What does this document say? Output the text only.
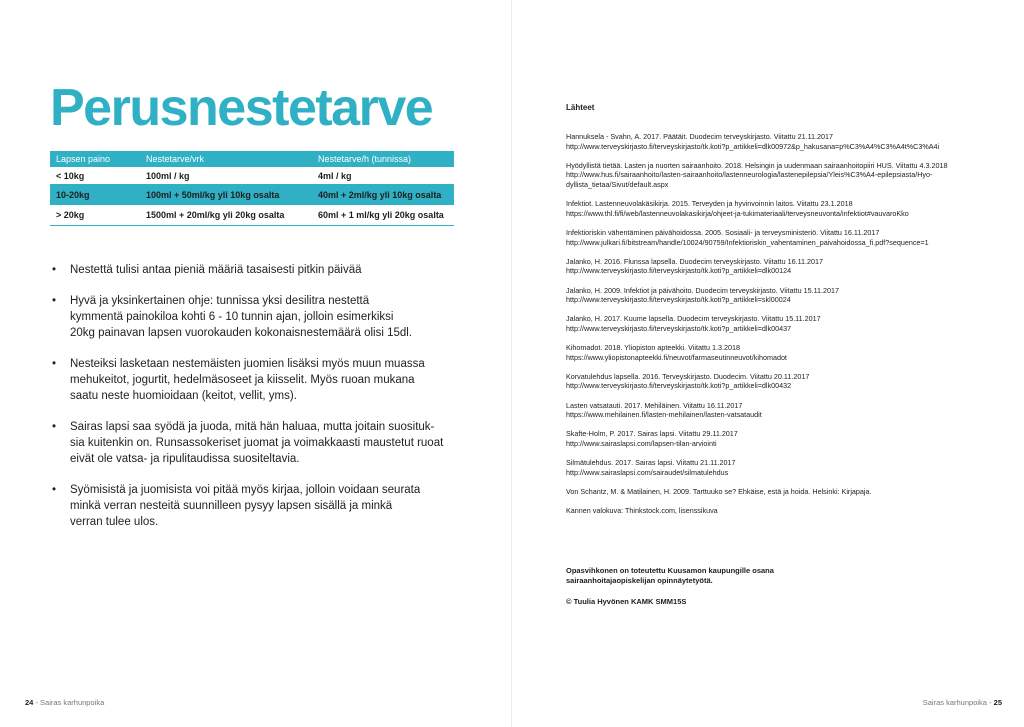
Perusnestetarve
Lapsen paino	Nestetarve/vrk	Nestetarve/h (tunnissa)
< 10kg	100ml / kg	4ml / kg
10-20kg	100ml + 50ml/kg yli 10kg osalta	40ml + 2ml/kg yli 10kg osalta
> 20kg	1500ml + 20ml/kg yli 20kg osalta	60ml + 1 ml/kg yli 20kg osalta
• Nestettä tulisi antaa pieniä määriä tasaisesti pitkin päivää
• Hyvä ja yksinkertainen ohje: tunnissa yksi desilitra nestettä
kymmentä painokiloa kohti 6 - 10 tunnin ajan, jolloin esimerkiksi
20kg painavan lapsen vuorokauden kokonaisnestemäärä olisi 15dl.
• Nesteiksi lasketaan nestemäisten juomien lisäksi myös muun muassa
mehukeitot, jogurtit, hedelmäsoseet ja kiisselit. Myös ruoan mukana
saatu neste huomioidaan (keitot, vellit, yms).
• Sairas lapsi saa syödä ja juoda, mitä hän haluaa, mutta joitain suosituk-
sia kuitenkin on. Runsassokeriset juomat ja voimakkaasti maustetut ruoat
eivät ole vatsa- ja ripulitaudissa suositeltavia.
• Syömisistä ja juomisista voi pitää myös kirjaa, jolloin voidaan seurata
minkä verran nesteitä suunnilleen pysyy lapsen sisällä ja minkä
verran tulee ulos.
24 - Sairas karhunpoika
Lähteet
Hannuksela - Svahn, A. 2017. Päätäit. Duodecim terveyskirjasto. Viitattu 21.11.2017
http://www.terveyskirjasto.fi/terveyskirjasto/tk.koti?p_artikkeli=dlk00972&p_hakusana=p%C3%A4%C3%A4t%C3%A4i
Hyödyllistä tietää. Lasten ja nuorten sairaanhoito. 2018. Helsingin ja uudenmaan sairaanhoitopiiri HUS. Viitattu 4.3.2018
http://www.hus.fi/sairaanhoito/lasten-sairaanhoito/lastenneurologia/lastenepilepsia/Yleis%C3%A4-epilepsiasta/Hyo-
dyllista_tietaa/Sivut/default.aspx
Infektiot. Lastenneuvolakäsikirja. 2015. Terveyden ja hyvinvoinnin laitos. Viitattu 23.1.2018
https://www.thl.fi/fi/web/lastenneuvolakasikirja/ohjeet-ja-tukimateriaali/terveysneuvonta/infektiot#vauvaroKko
Infektioriskin vähentäminen päivähoidossa. 2005. Sosiaali- ja terveysministeriö. Viitattu 16.11.2017
http://www.julkari.fi/bitstream/handle/10024/90759/Infektioriskin_vahentaminen_paivahoidossa_fi.pdf?sequence=1
Jalanko, H. 2016. Flunssa lapsella. Duodecim terveyskirjasto. Viitattu 16.11.2017
http://www.terveyskirjasto.fi/terveyskirjasto/tk.koti?p_artikkeli=dlk00124
Jalanko, H. 2009. Infektiot ja päivähoito. Duodecim terveyskirjasto. Viitattu 15.11.2017
http://www.terveyskirjasto.fi/terveyskirjasto/tk.koti?p_artikkeli=skl00024
Jalanko, H. 2017. Kuume lapsella. Duodecim terveyskirjasto. Viitattu 15.11.2017
http://www.terveyskirjasto.fi/terveyskirjasto/tk.koti?p_artikkeli=dlk00437
Kihomadot. 2018. Yliopiston apteekki. Viitattu 1.3.2018
https://www.yliopistonapteekki.fi/neuvot/farmaseutinneuvot/kihomadot
Korvatulehdus lapsella. 2016. Terveyskirjasto. Duodecim. Viitattu 20.11.2017
http://www.terveyskirjasto.fi/terveyskirjasto/tk.koti?p_artikkeli=dlk00432
Lasten vatsatauti. 2017. Mehiläinen. Viitattu 16.11.2017
https://www.mehilainen.fi/lasten-mehilainen/lasten-vatsataudit
Skafte-Holm, P. 2017. Sairas lapsi. Viitattu 29.11.2017
http://www.sairaslapsi.com/lapsen-tilan-arviointi
Silmätulehdus. 2017. Sairas lapsi. Viitattu 21.11.2017
http://www.sairaslapsi.com/sairaudet/silmatulehdus
Von Schantz, M. & Matilainen, H. 2009. Tarttuuko se? Ehkäise, estä ja hoida. Helsinki: Kirjapaja.
Kannen valokuva: Thinkstock.com, lisenssikuva
Opasvihkonen on toteutettu Kuusamon kaupungille osana
sairaanhoitajaopiskelijan opinnäytetyötä.
© Tuulia Hyvönen KAMK SMM15S
Sairas karhunpoika - 25
